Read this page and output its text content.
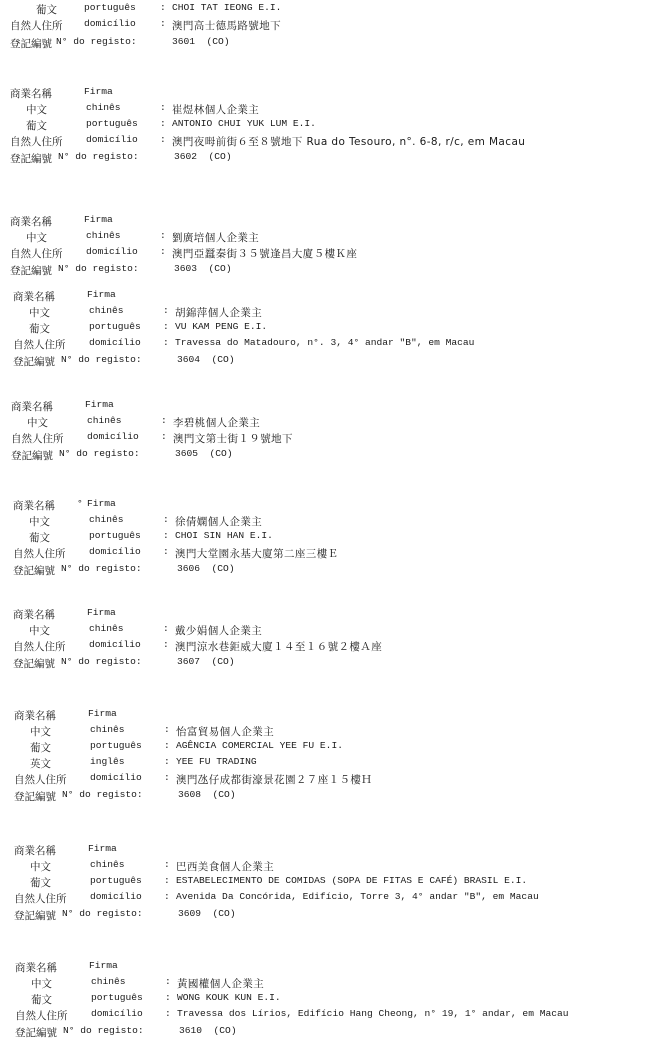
葡文	português	: CHOI TAT IEONG E.I.
自然人住所 domicílio	: 澳門高士德馬路號地下
登記編號 N° do registo:	3601  (CO)
商業名稱	Firma
中文	chinês	: 崔煜林個人企業主
葡文	português : ANTONIO CHUI YUK LUM E.I.
自然人住所 domicílio : 澳門夜呣前街６至８號地下 Rua do Tesouro, n°. 6-8, r/c, em Macau
登記編號 N° do registo:	3602  (CO)
商業名稱	Firma
中文	chinês	: 劉廣培個人企業主
自然人住所 domicílio : 澳門亞蠶秦街３５號逢昌大廈５樓Ｋ座
登記編號 N° do registo:	3603  (CO)
商業名稱	Firma
中文	chinês	: 胡錦萍個人企業主
葡文	português : VU KAM PENG E.I.
自然人住所 domicílio : Travessa do Matadouro, n°. 3, 4° andar "B", em Macau
登記編號 N° do registo:	3604  (CO)
商業名稱	Firma
中文	chinês	: 李碧桃個人企業主
自然人住所 domicílio : 澳門文第士街１９號地下
登記編號 N° do registo:	3605  (CO)
商業名稱 ° Firma
中文	chinês	: 徐倩嫻個人企業主
葡文	português : CHOI SIN HAN E.I.
自然人住所 domicílio : 澳門大堂園永基大廈第二座三樓Ｅ
登記編號 N° do registo:	3606  (CO)
商業名稱	Firma
中文	chinês	: 戴少娟個人企業主
自然人住所 domicílio : 澳門涼水巷鉅威大廈１４至１６號２樓Ａ座
登記編號 N° do registo:	3607  (CO)
商業名稱	Firma
中文	chinês	: 怡富貿易個人企業主
葡文	português : AGÊNCIA COMERCIAL YEE FU E.I.
英文	inglês	: YEE FU TRADING
自然人住所 domicílio : 澳門氹仔成都街濠景花園２７座１５樓Ｈ
登記編號 N° do registo:	3608  (CO)
商業名稱	Firma
中文	chinês	: 巴西美食個人企業主
葡文	português : ESTABELECIMENTO DE COMIDAS (SOPA DE FITAS E CAFÉ) BRASIL E.I.
自然人住所 domicílio : Avenida Da Concórida, Edifício, Torre 3, 4° andar "B", em Macau
登記編號 N° do registo:	3609  (CO)
商業名稱	Firma
中文	chinês	: 黃國權個人企業主
葡文	português : WONG KOUK KUN E.I.
自然人住所 domicílio : Travessa dos Lírios, Edifício Hang Cheong, n° 19, 1° andar, em Macau
登記編號 N° do registo:	3610  (CO)
